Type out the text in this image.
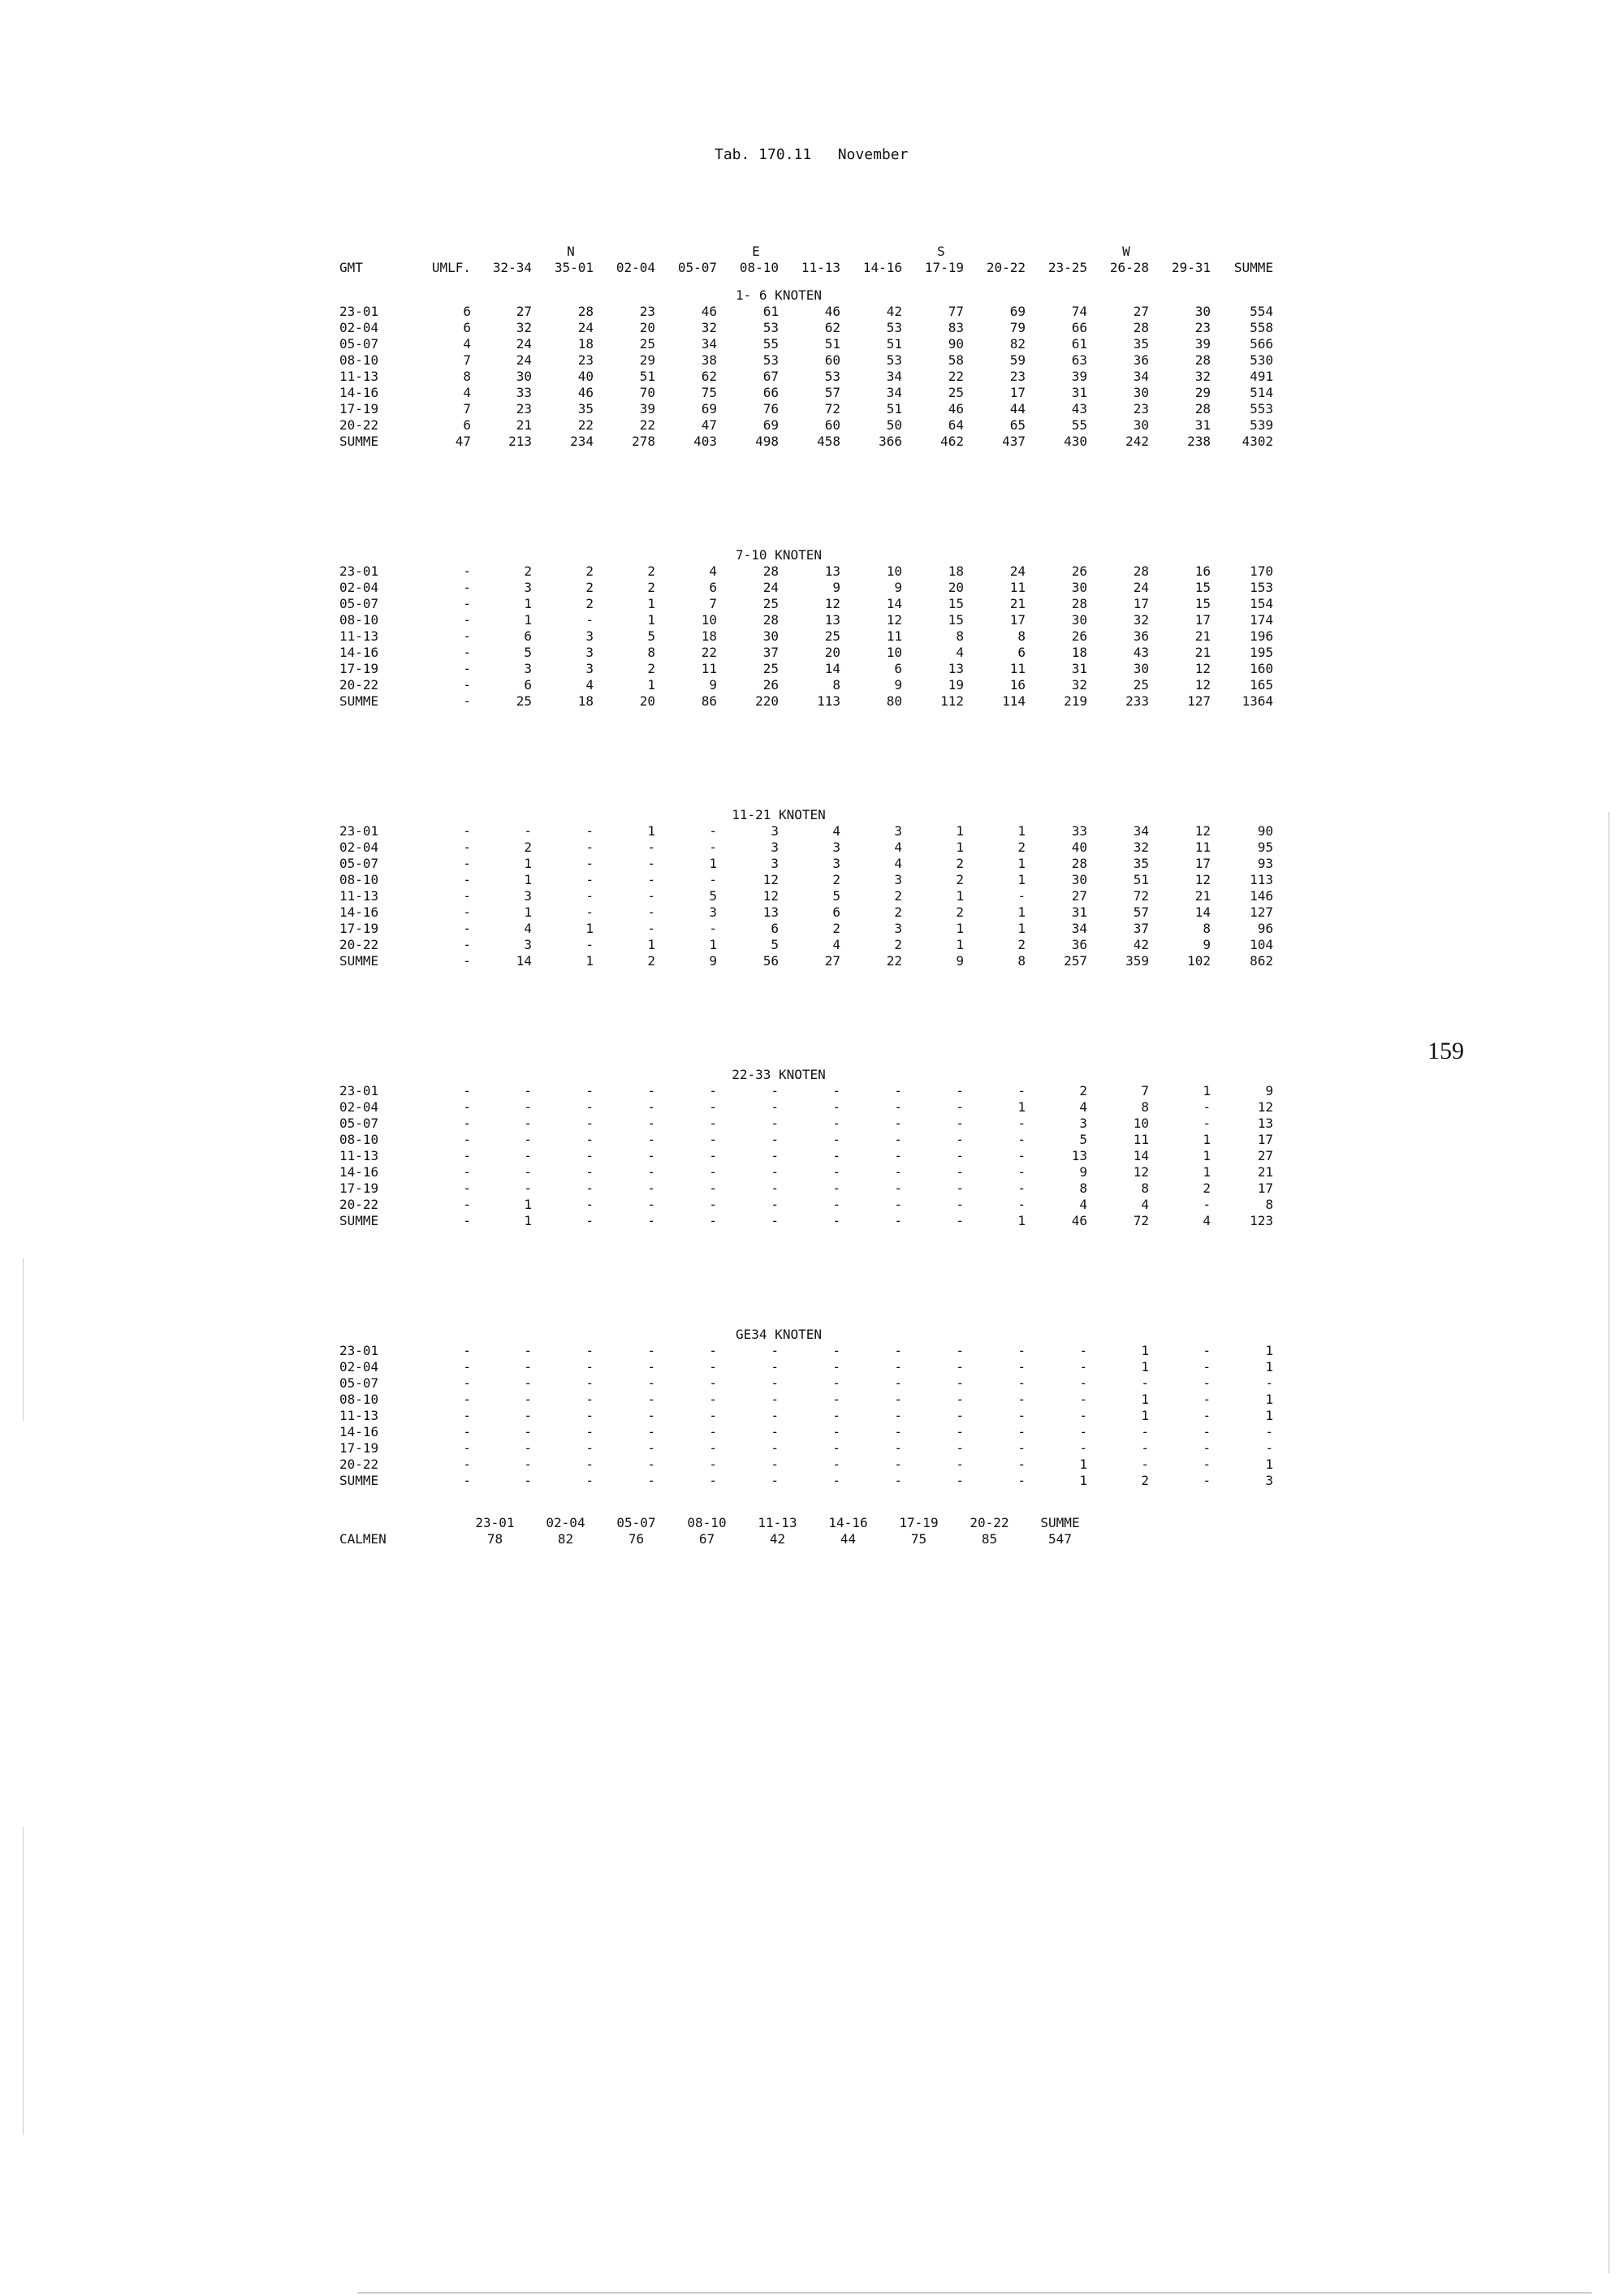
Tab. 170.11   November
			N			E			S			W		
GMT	UMLF.	32-34	35-01	02-04	05-07	08-10	11-13	14-16	17-19	20-22	23-25	26-28	29-31	SUMME

						1- 6 KNOTEN								
23-01	6	27	28	23	46	61	46	42	77	69	74	27	30	554
02-04	6	32	24	20	32	53	62	53	83	79	66	28	23	558
05-07	4	24	18	25	34	55	51	51	90	82	61	35	39	566
08-10	7	24	23	29	38	53	60	53	58	59	63	36	28	530
11-13	8	30	40	51	62	67	53	34	22	23	39	34	32	491
14-16	4	33	46	70	75	66	57	34	25	17	31	30	29	514
17-19	7	23	35	39	69	76	72	51	46	44	43	23	28	553
20-22	6	21	22	22	47	69	60	50	64	65	55	30	31	539
SUMME	47	213	234	278	403	498	458	366	462	437	430	242	238	4302

						7-10 KNOTEN								
23-01	-	2	2	2	4	28	13	10	18	24	26	28	16	170
02-04	-	3	2	2	6	24	9	9	20	11	30	24	15	153
05-07	-	1	2	1	7	25	12	14	15	21	28	17	15	154
08-10	-	1	-	1	10	28	13	12	15	17	30	32	17	174
11-13	-	6	3	5	18	30	25	11	8	8	26	36	21	196
14-16	-	5	3	8	22	37	20	10	4	6	18	43	21	195
17-19	-	3	3	2	11	25	14	6	13	11	31	30	12	160
20-22	-	6	4	1	9	26	8	9	19	16	32	25	12	165
SUMME	-	25	18	20	86	220	113	80	112	114	219	233	127	1364

						11-21 KNOTEN								
23-01	-	-	-	1	-	3	4	3	1	1	33	34	12	90
02-04	-	2	-	-	-	3	3	4	1	2	40	32	11	95
05-07	-	1	-	-	1	3	3	4	2	1	28	35	17	93
08-10	-	1	-	-	-	12	2	3	2	1	30	51	12	113
11-13	-	3	-	-	5	12	5	2	1	-	27	72	21	146
14-16	-	1	-	-	3	13	6	2	2	1	31	57	14	127
17-19	-	4	1	-	-	6	2	3	1	1	34	37	8	96
20-22	-	3	-	1	1	5	4	2	1	2	36	42	9	104
SUMME	-	14	1	2	9	56	27	22	9	8	257	359	102	862

						22-33 KNOTEN								
23-01	-	-	-	-	-	-	-	-	-	-	2	7	1	9
02-04	-	-	-	-	-	-	-	-	-	1	4	8	-	12
05-07	-	-	-	-	-	-	-	-	-	-	3	10	-	13
08-10	-	-	-	-	-	-	-	-	-	-	5	11	1	17
11-13	-	-	-	-	-	-	-	-	-	-	13	14	1	27
14-16	-	-	-	-	-	-	-	-	-	-	9	12	1	21
17-19	-	-	-	-	-	-	-	-	-	-	8	8	2	17
20-22	-	1	-	-	-	-	-	-	-	-	4	4	-	8
SUMME	-	1	-	-	-	-	-	-	-	1	46	72	4	123

						GE34 KNOTEN								
23-01	-	-	-	-	-	-	-	-	-	-	-	1	-	1
02-04	-	-	-	-	-	-	-	-	-	-	-	1	-	1
05-07	-	-	-	-	-	-	-	-	-	-	-	-	-	-
08-10	-	-	-	-	-	-	-	-	-	-	-	1	-	1
11-13	-	-	-	-	-	-	-	-	-	-	-	1	-	1
14-16	-	-	-	-	-	-	-	-	-	-	-	-	-	-
17-19	-	-	-	-	-	-	-	-	-	-	-	-	-	-
20-22	-	-	-	-	-	-	-	-	-	-	1	-	-	1
SUMME	-	-	-	-	-	-	-	-	-	-	1	2	-	3
	23-01	02-04	05-07	08-10	11-13	14-16	17-19	20-22	SUMME
CALMEN	78	82	76	67	42	44	75	85	547
159
